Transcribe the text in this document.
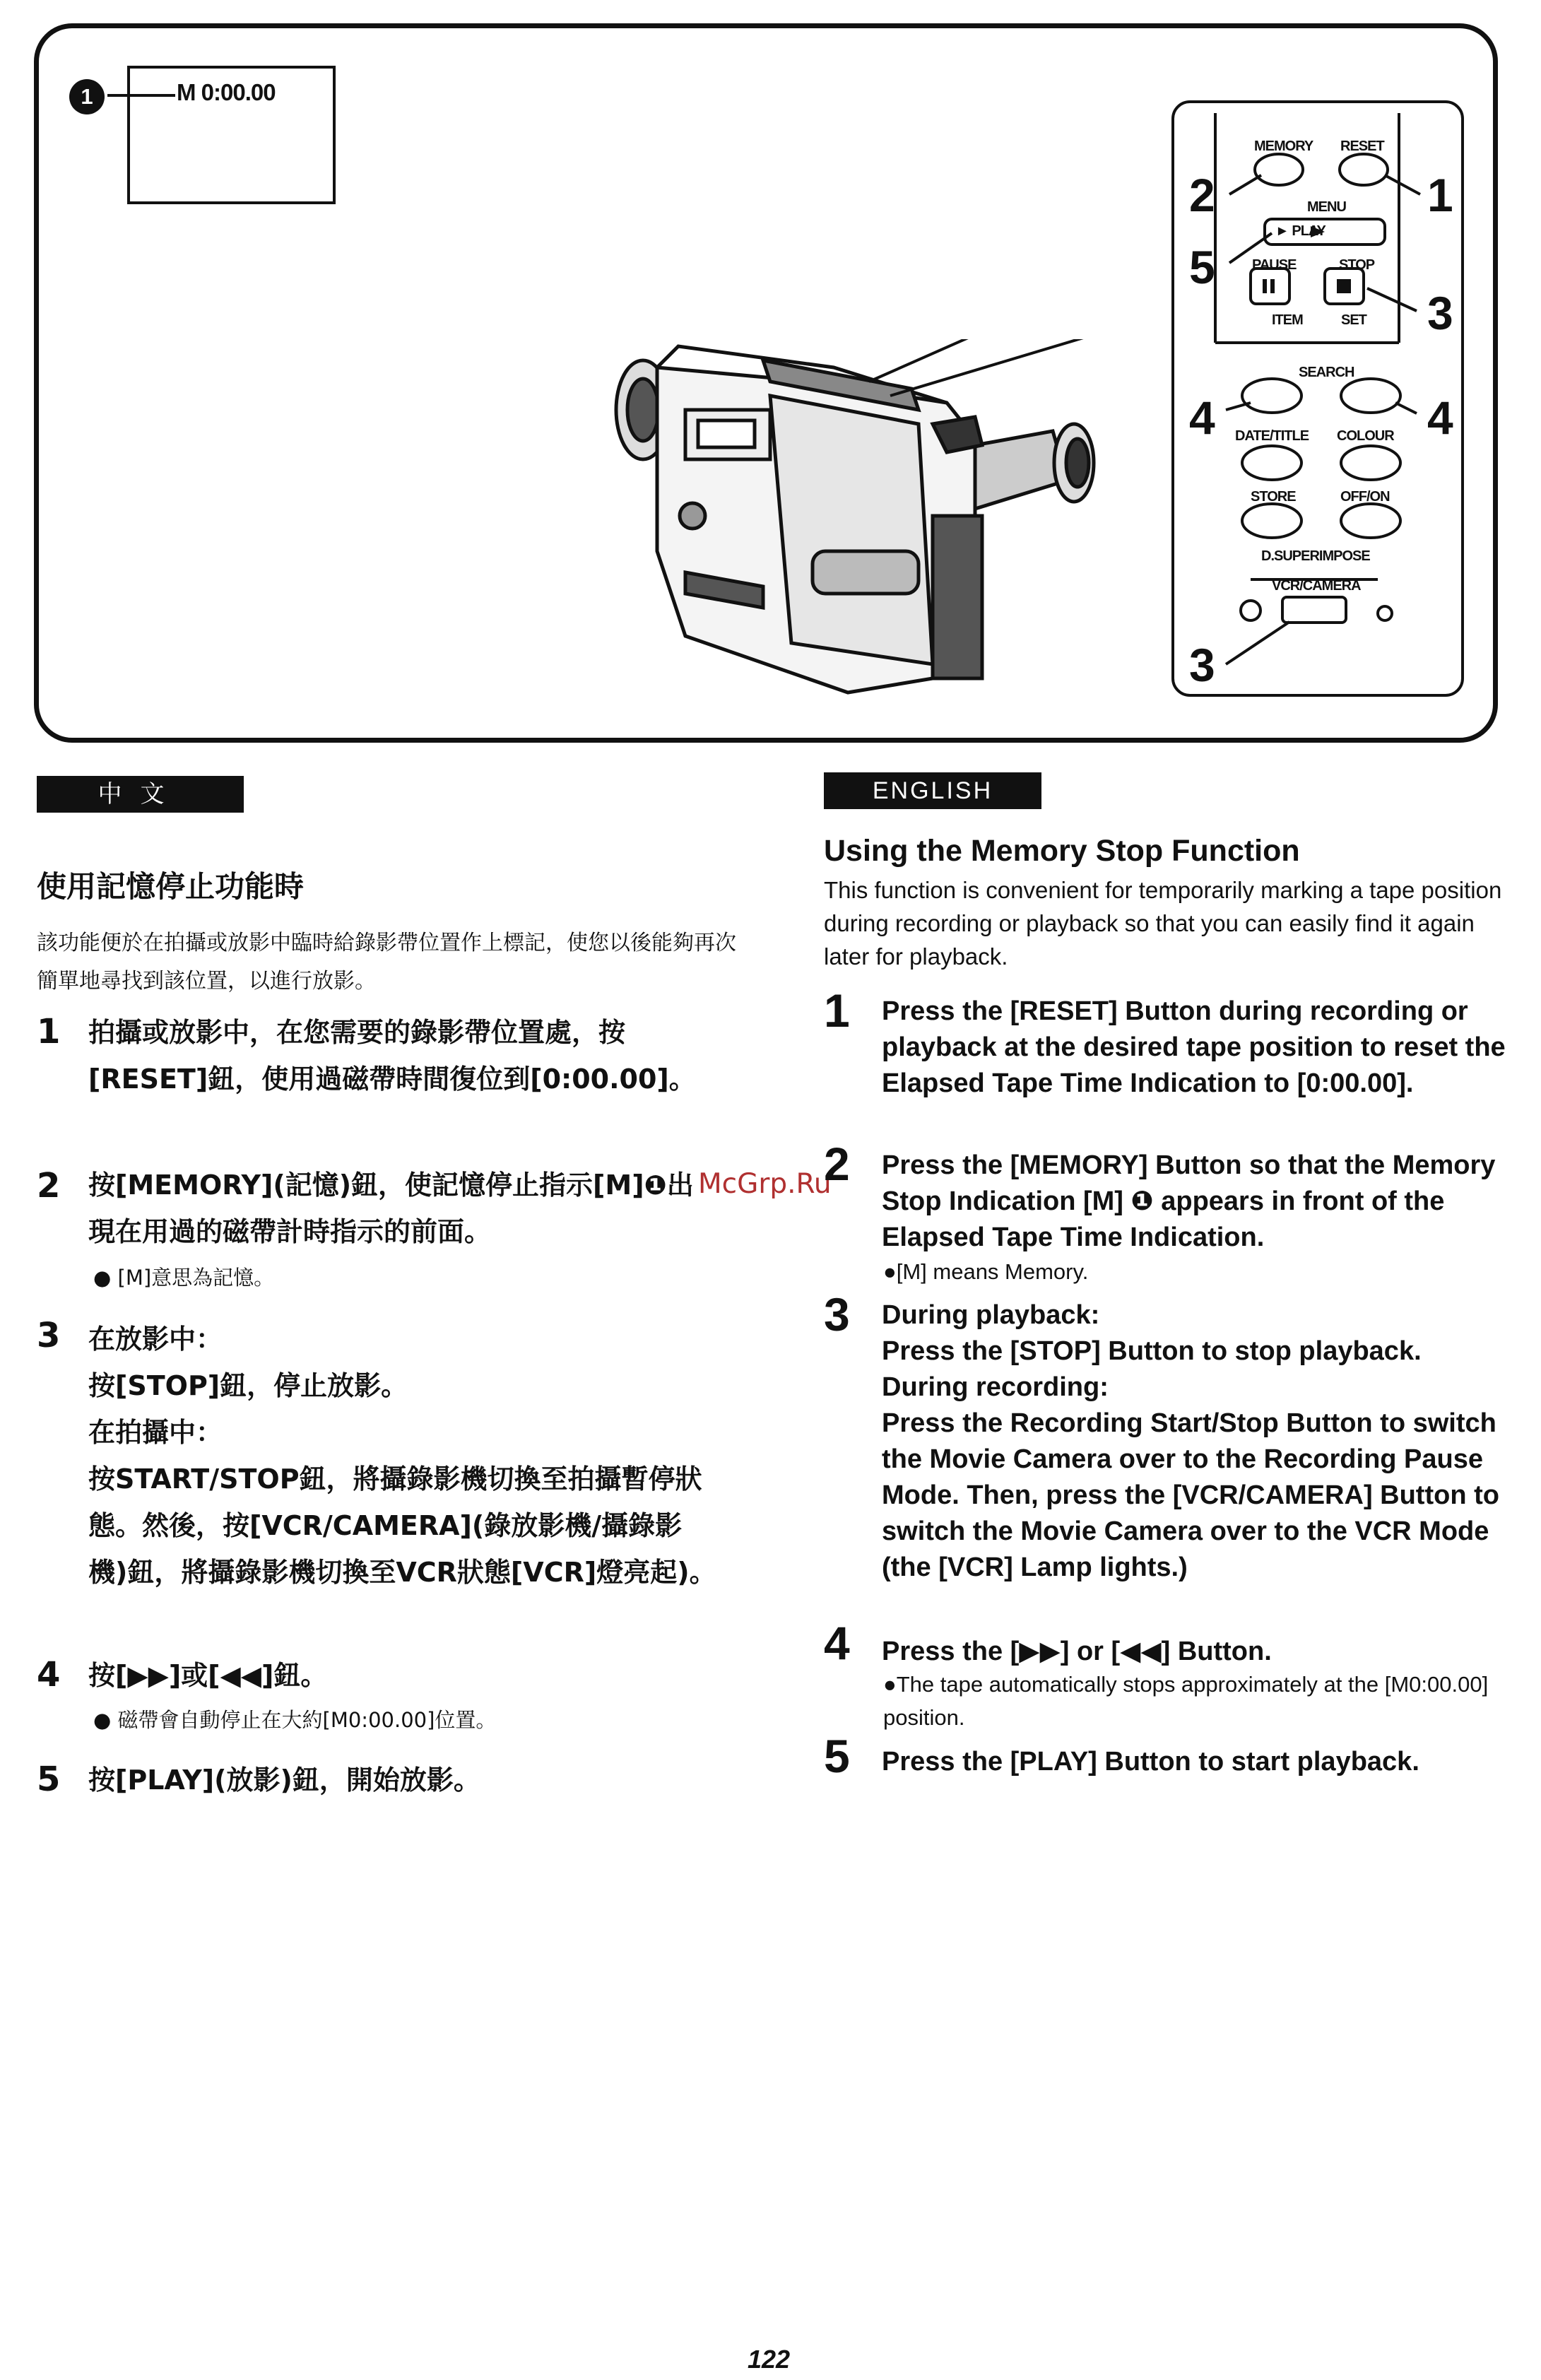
1	M 0:00.00
MEMORY RESET
MENU
► PLAY
PAUSE	STOP
ITEM	SET
SEARCH
DATE/TITLE COLOUR
STORE	OFF/ON
D.SUPERIMPOSE
VCR/CAMERA
2	1
5
3
4	4
3
中文	ENGLISH
使用記憶停止功能時
該功能便於在拍攝或放影中臨時給錄影帶位置作上標記，使您以後能夠再次簡單地尋找到該位置，以進行放影。
1 拍攝或放影中，在您需要的錄影帶位置處，按[RESET]鈕，使用過磁帶時間復位到[0:00.00]。
2 按[MEMORY](記憶)鈕，使記憶停止指示[M]❶出現在用過的磁帶計時指示的前面。
● [M]意思為記憶。
3 在放影中：
按[STOP]鈕，停止放影。
在拍攝中：
按START/STOP鈕，將攝錄影機切換至拍攝暫停狀態。然後，按[VCR/CAMERA](錄放影機/攝錄影機)鈕，將攝錄影機切換至VCR狀態[VCR]燈亮起)。
4 按[▶▶]或[◀◀]鈕。
● 磁帶會自動停止在大約[M0:00.00]位置。
5 按[PLAY](放影)鈕，開始放影。
McGrp.Ru
Using the Memory Stop Function
This function is convenient for temporarily marking a tape position during recording or playback so that you can easily find it again later for playback.
1 Press the [RESET] Button during recording or playback at the desired tape position to reset the Elapsed Tape Time Indication to [0:00.00].
2 Press the [MEMORY] Button so that the Memory Stop Indication [M] ❶ appears in front of the Elapsed Tape Time Indication.
●[M] means Memory.
3 During playback:
Press the [STOP] Button to stop playback.
During recording:
Press the Recording Start/Stop Button to switch the Movie Camera over to the Recording Pause Mode. Then, press the [VCR/CAMERA] Button to switch the Movie Camera over to the VCR Mode (the [VCR] Lamp lights.)
4 Press the [▶▶] or [◀◀] Button.
●The tape automatically stops approximately at the [M0:00.00] position.
5 Press the [PLAY] Button to start playback.
122
